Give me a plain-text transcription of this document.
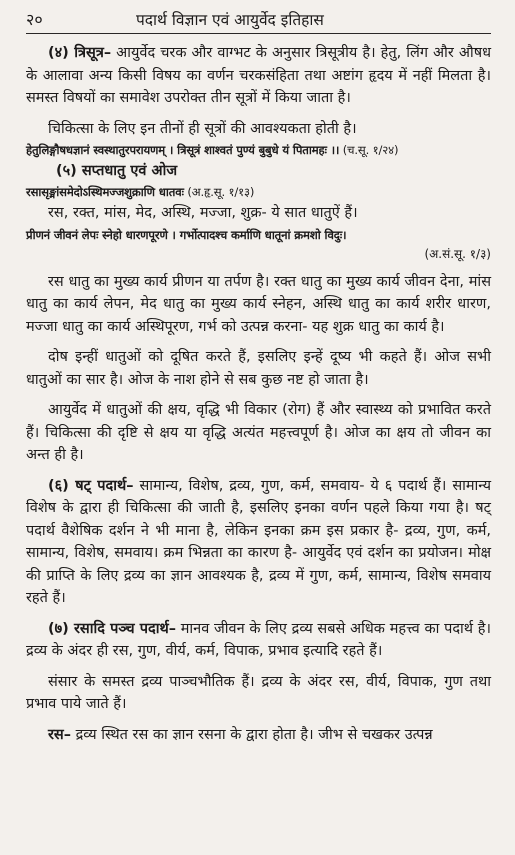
२०	पदार्थ विज्ञान एवं आयुर्वेद इतिहास

(४) त्रिसूत्र– आयुर्वेद चरक और वाग्भट के अनुसार त्रिसूत्रीय है। हेतु, लिंग और औषध के आलावा अन्य किसी विषय का वर्णन चरकसंहिता तथा अष्टांग हृदय में नहीं मिलता है। समस्त विषयों का समावेश उपरोक्त तीन सूत्रों में किया जाता है।

चिकित्सा के लिए इन तीनों ही सूत्रों की आवश्यकता होती है।

हेतुलिङ्गौषधज्ञानं स्वस्थातुरपरायणम् । त्रिसूत्रं शाश्वतं पुण्यं बुबुधे यं पितामहः ।। (च.सू. १/२४)
(५) सप्तधातु एवं ओज
रसासृङ्मांसमेदोऽस्थिमज्जशुक्राणि धातवः (अ.हृ.सू. १/१३)

रस, रक्त, मांस, मेद, अस्थि, मज्जा, शुक्र- ये सात धातुऐं हैं।

प्रीणनं जीवनं लेपः स्नेहो धारणपूरणे । गर्भोत्पादश्च कर्माणि धातूनां क्रमशो विदुः।
(अ.सं.सू. १/३)

रस धातु का मुख्य कार्य प्रीणन या तर्पण है। रक्त धातु का मुख्य कार्य जीवन देना, मांस धातु का कार्य लेपन, मेद धातु का मुख्य कार्य स्नेहन, अस्थि धातु का कार्य शरीर धारण, मज्जा धातु का कार्य अस्थिपूरण, गर्भ को उत्पन्न करना- यह शुक्र धातु का कार्य है।

दोष इन्हीं धातुओं को दूषित करते हैं, इसलिए इन्हें दूष्य भी कहते हैं। ओज सभी धातुओं का सार है। ओज के नाश होने से सब कुछ नष्ट हो जाता है।

आयुर्वेद में धातुओं की क्षय, वृद्धि भी विकार (रोग) हैं और स्वास्थ्य को प्रभावित करते हैं। चिकित्सा की दृष्टि से क्षय या वृद्धि अत्यंत महत्त्वपूर्ण है। ओज का क्षय तो जीवन का अन्त ही है।

(६) षट् पदार्थ– सामान्य, विशेष, द्रव्य, गुण, कर्म, समवाय- ये ६ पदार्थ हैं। सामान्य विशेष के द्वारा ही चिकित्सा की जाती है, इसलिए इनका वर्णन पहले किया गया है। षट् पदार्थ वैशेषिक दर्शन ने भी माना है, लेकिन इनका क्रम इस प्रकार है- द्रव्य, गुण, कर्म, सामान्य, विशेष, समवाय। क्रम भिन्नता का कारण है- आयुर्वेद एवं दर्शन का प्रयोजन। मोक्ष की प्राप्ति के लिए द्रव्य का ज्ञान आवश्यक है, द्रव्य में गुण, कर्म, सामान्य, विशेष समवाय रहते हैं।

(७) रसादि पञ्च पदार्थ– मानव जीवन के लिए द्रव्य सबसे अधिक महत्त्व का पदार्थ है। द्रव्य के अंदर ही रस, गुण, वीर्य, कर्म, विपाक, प्रभाव इत्यादि रहते हैं।

संसार के समस्त द्रव्य पाञ्चभौतिक हैं। द्रव्य के अंदर रस, वीर्य, विपाक, गुण तथा प्रभाव पाये जाते हैं।

रस– द्रव्य स्थित रस का ज्ञान रसना के द्वारा होता है। जीभ से चखकर उत्पन्न
